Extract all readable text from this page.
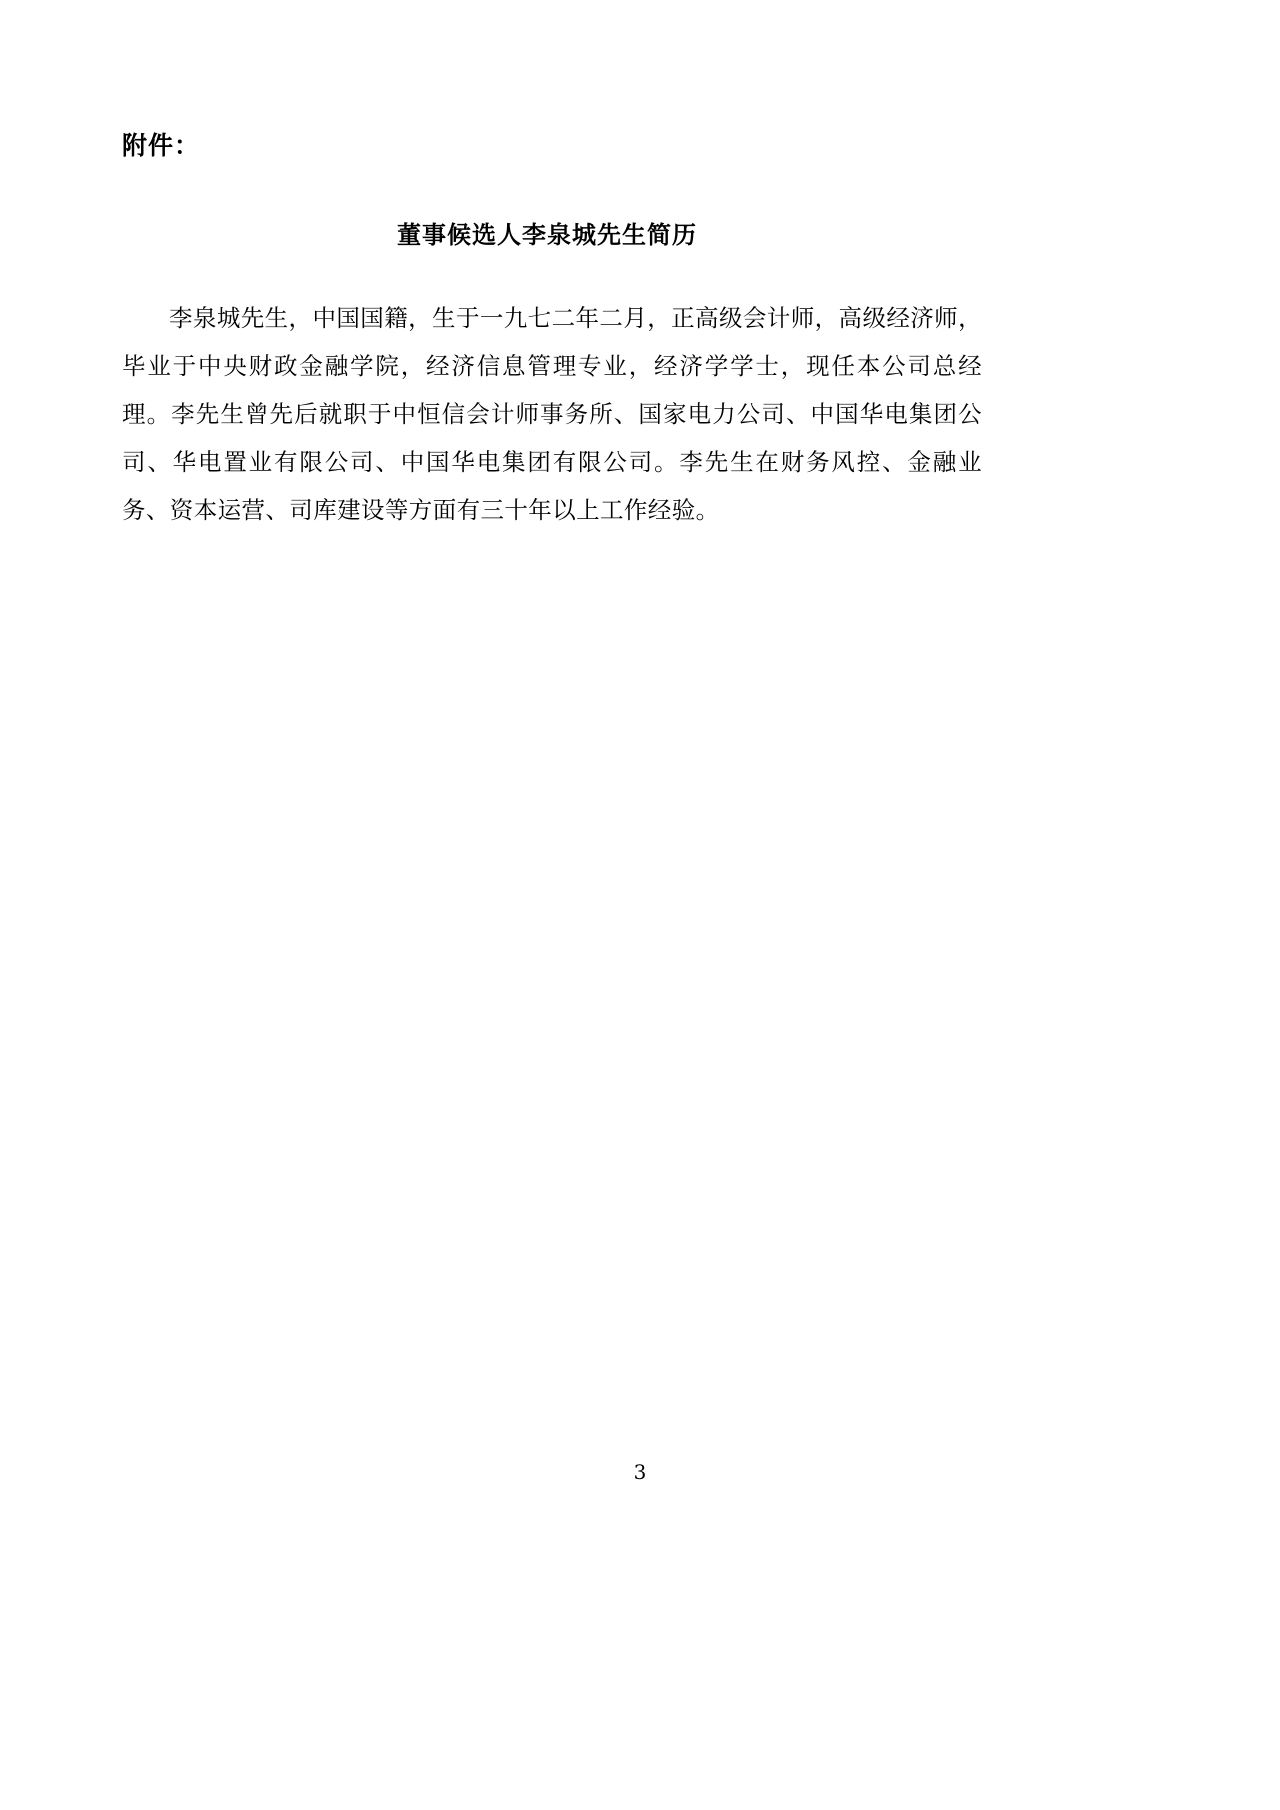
附件：
董事候选人李泉城先生简历

李泉城先生，中国国籍，生于一九七二年二月，正高级会计师，高级经济师，毕业于中央财政金融学院，经济信息管理专业，经济学学士，现任本公司总经理。李先生曾先后就职于中恒信会计师事务所、国家电力公司、中国华电集团公司、华电置业有限公司、中国华电集团有限公司。李先生在财务风控、金融业务、资本运营、司库建设等方面有三十年以上工作经验。

3
